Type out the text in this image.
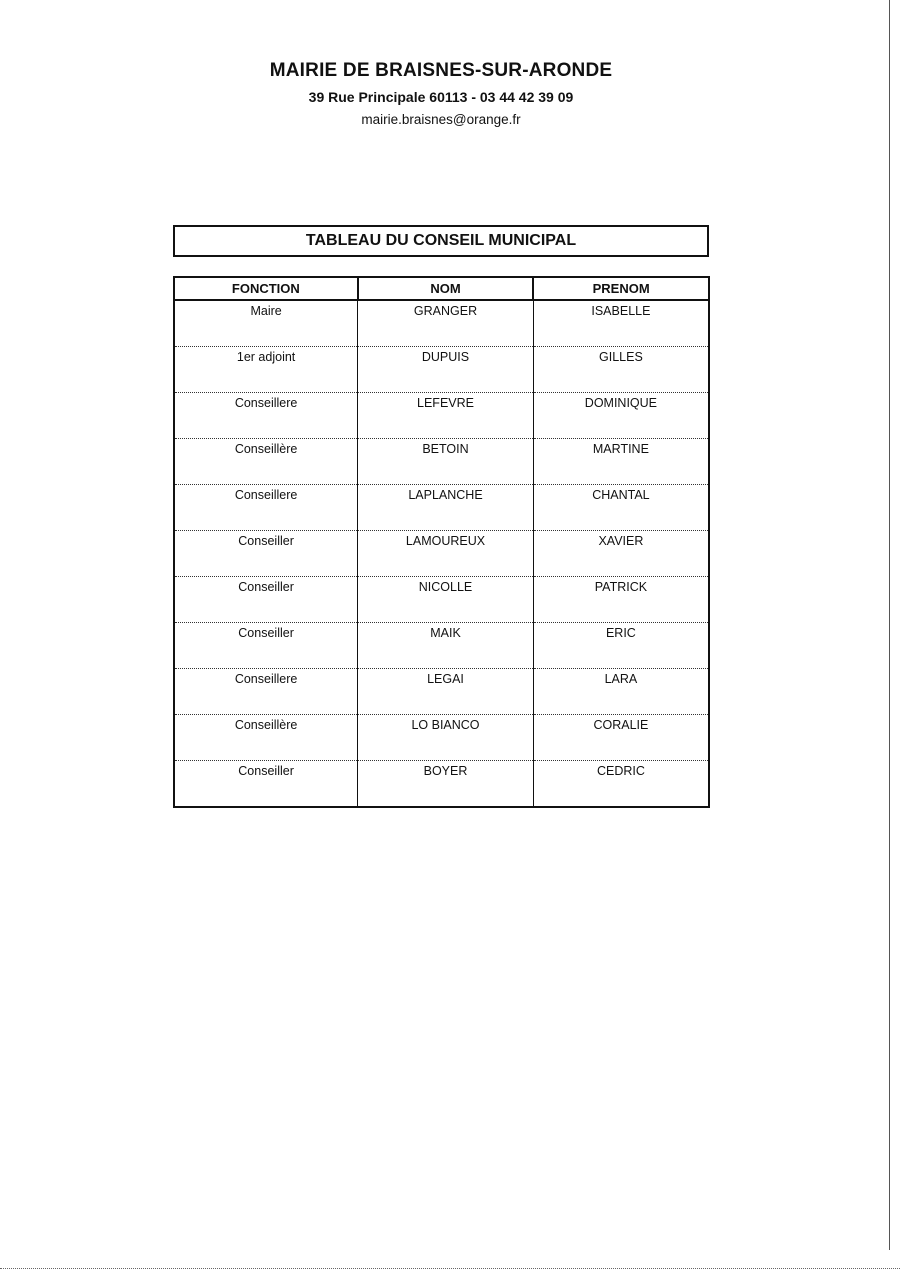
MAIRIE DE BRAISNES-SUR-ARONDE

39 Rue Principale 60113 - 03 44 42 39 09

mairie.braisnes@orange.fr

TABLEAU DU CONSEIL MUNICIPAL
FONCTION	NOM	PRENOM
Maire	GRANGER	ISABELLE
1er adjoint	DUPUIS	GILLES
Conseillere	LEFEVRE	DOMINIQUE
Conseillère	BETOIN	MARTINE
Conseillere	LAPLANCHE	CHANTAL
Conseiller	LAMOUREUX	XAVIER
Conseiller	NICOLLE	PATRICK
Conseiller	MAIK	ERIC
Conseillere	LEGAI	LARA
Conseillère	LO BIANCO	CORALIE
Conseiller	BOYER	CEDRIC
